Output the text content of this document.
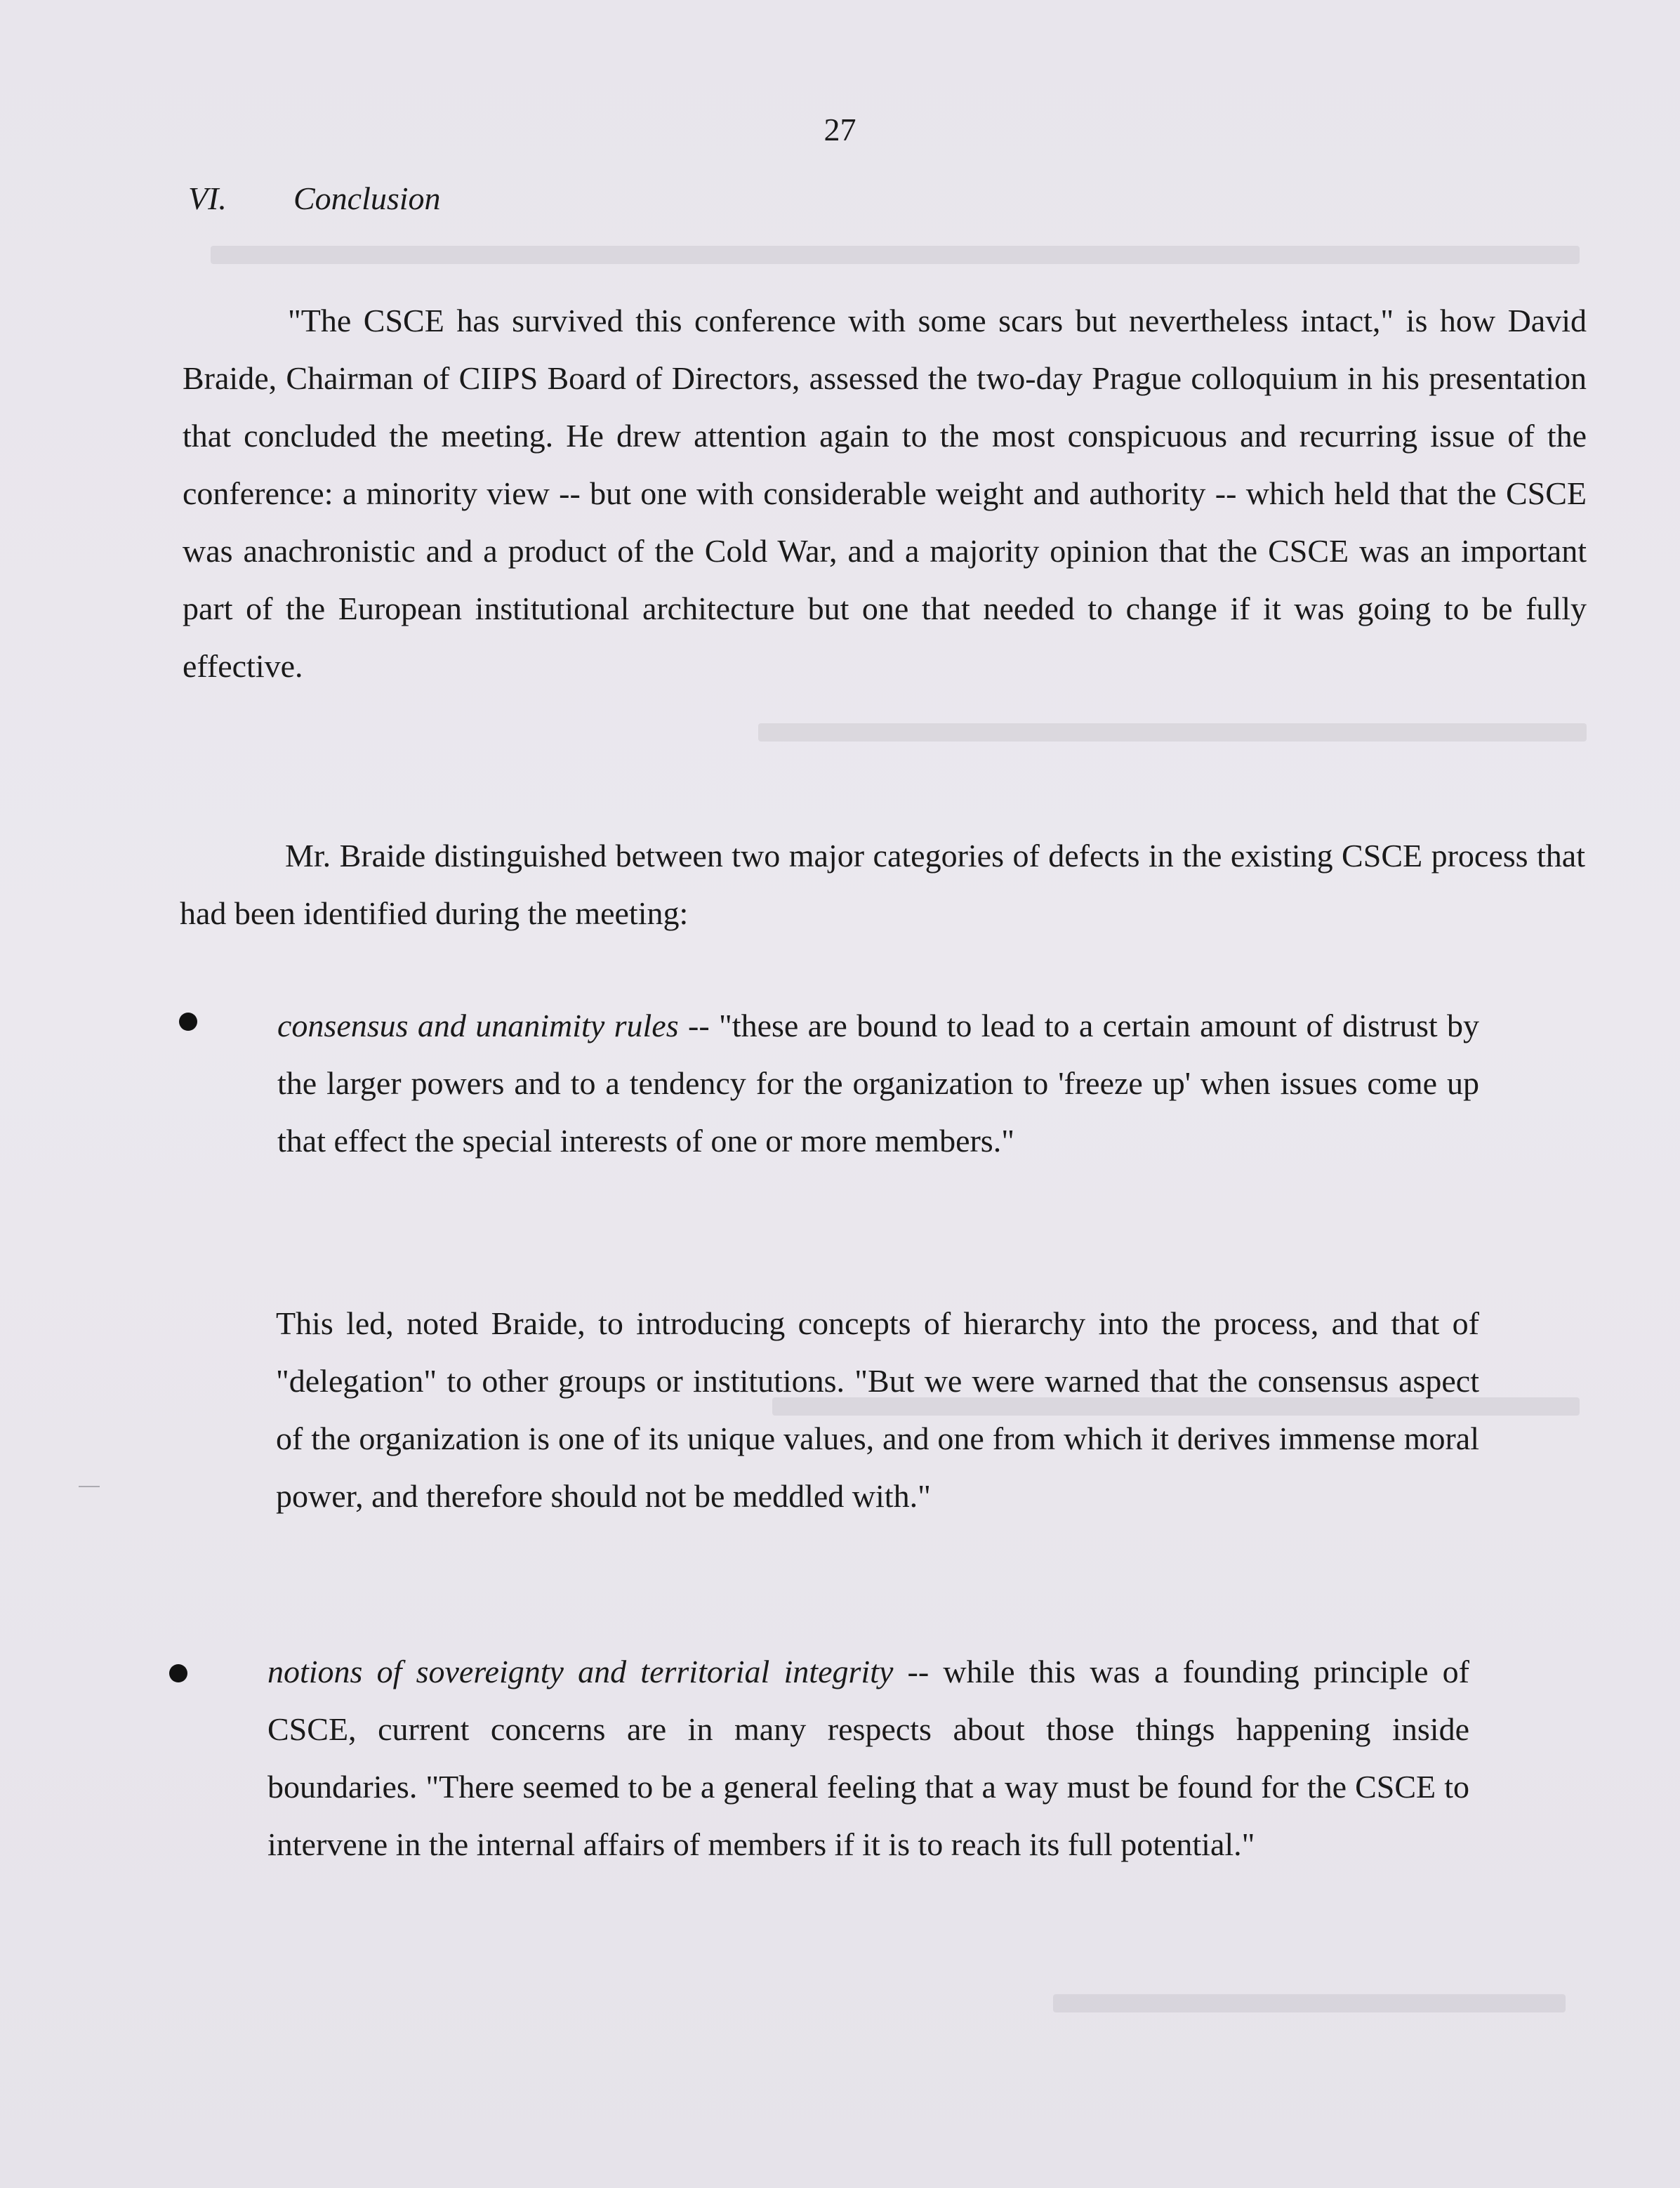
27
VI. Conclusion
"The CSCE has survived this conference with some scars but nevertheless intact," is how David Braide, Chairman of CIIPS Board of Directors, assessed the two-day Prague colloquium in his presentation that concluded the meeting. He drew attention again to the most conspicuous and recurring issue of the conference: a minority view -- but one with considerable weight and authority -- which held that the CSCE was anachronistic and a product of the Cold War, and a majority opinion that the CSCE was an important part of the European institutional architecture but one that needed to change if it was going to be fully effective.
Mr. Braide distinguished between two major categories of defects in the existing CSCE process that had been identified during the meeting:
consensus and unanimity rules -- "these are bound to lead to a certain amount of distrust by the larger powers and to a tendency for the organization to 'freeze up' when issues come up that effect the special interests of one or more members."
This led, noted Braide, to introducing concepts of hierarchy into the process, and that of "delegation" to other groups or institutions. "But we were warned that the consensus aspect of the organization is one of its unique values, and one from which it derives immense moral power, and therefore should not be meddled with."
notions of sovereignty and territorial integrity -- while this was a founding principle of CSCE, current concerns are in many respects about those things happening inside boundaries. "There seemed to be a general feeling that a way must be found for the CSCE to intervene in the internal affairs of members if it is to reach its full potential."
